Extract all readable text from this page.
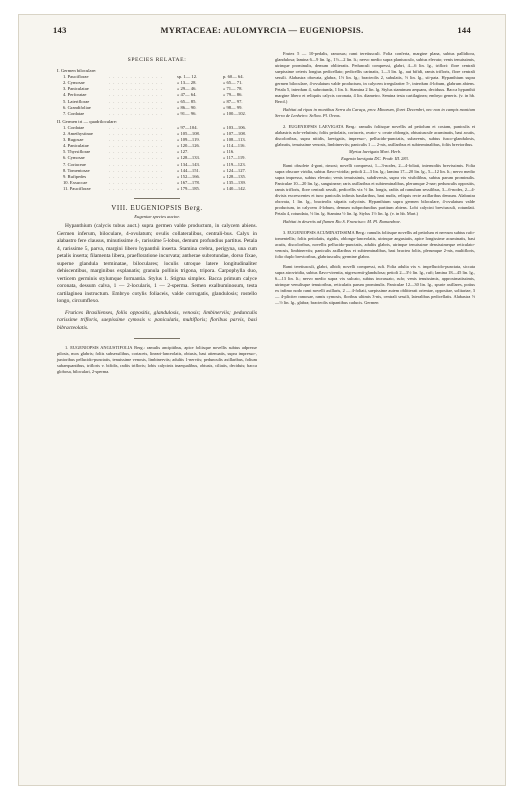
143	MYRTACEAE: AULOMYRCIA — EUGENIOPSIS.	144
SPECIES RELATAE:
I. Germen biloculare:
1. Pauciflorae	. . . . . . . . . . . . .	sp. 1— 12.	p. 60— 64.
2. Cymosae	. . . . . . . . . . . . .	« 13— 28.	« 65— 71.
3. Paniculatae	. . . . . . . . . . . . .	« 29— 46.	« 71— 78.
4. Perforatae	. . . . . . . . . . . . .	« 47— 64.	« 79— 86.
5. Lateriflorae	. . . . . . . . . . . . .	« 65— 85.	« 87— 97.
6. Grandifoliae	. . . . . . . . . . . . .	« 86— 90.	« 98— 99.
7. Cordatae	. . . . . . . . . . . . .	« 91— 96.	« 100—102.
II. Germen tri — quadriloculare:
1. Cordatae	. . . . . . . . . . . . .	« 97—104.	« 103—106.
2. Amethystinae	. . . . . . . . . . . . .	« 105—108.	« 107—108.
3. Rugosae	. . . . . . . . . . . . .	« 109—119.	« 108—113.
4. Paniculatae	. . . . . . . . . . . . .	« 120—126.	« 114—116.
5. Thyrsiflorae	. . . . . . . . . . . . .	« 127.	« 116.
6. Cymosae	. . . . . . . . . . . . .	« 128—133.	« 117—119.
7. Coriaceae	. . . . . . . . . . . . .	« 134—143.	« 119—123.
8. Tomentosae	. . . . . . . . . . . . .	« 144—151.	« 124—127.
9. Rufipedes	. . . . . . . . . . . . .	« 152—166.	« 128—135.
10. Exsuccae	. . . . . . . . . . . . .	« 167—178.	« 135—139.
11. Pauciflorae	. . . . . . . . . . . . .	« 179—185.	« 140—142.
VIII. EUGENIOPSIS Berg.
Eugeniae species auctor.
Hypanthium (calycis tubus auct.) supra germen valde productum, in calycem abiens. Germen inferum, biloculare, 4-ovulatum; ovulis collateralibus, centrali-bus. Calyx in alabastro fere clausus, minutissime 4-, rarissime 5-lobus, demum profundius partitus. Petala 4, rarissime 5, parva, margini libero hypanthii inserta. Stamina crebra, perigyna, una cum petalis inserta; filamenta libera, praefloratione incurvata; antherae subrotundae, dorso fixae, superne glandula terminatae, biloculares; loculis utroque latere longitudinaliter dehiscentibus, marginibus explanatis; granula pollinis trigona, tripora. Carpophylla duo, verticem germinis stylumque formantia. Stylus 1. Stigma simplex. Bacca primum calyce coronata, dessum calva, 1 — 2-locularis, 1 — 2-sperma. Semen exalbuminosum, testa cartilaginea instructum. Embryo cotylis foliaceis, valde corrugatis, glandulosis; rostello longo, circumflexo.
Frutices Brasilienses, foliis oppositis, glandulosis, venosis; limbinerviis; pedunculis rarissime trifloris, saepissime cymosis v. paniculatis, multifloris; floribus parvis, basi bibracteolatis.
1. EUGENIOPSIS ANGUSTIFOLIA Berg.: ramulis ancipitibus, apice foliisque novellis subtus adpresse pilosis, mox glabris; foliis subsessilibus, coriaceis, lineari-lanceolatis, obtusis, basi attenuatis, supra impresso-, junioribus pellucido-punctatis, tenuissime venosis, limbinerviis; adultis 1-nerviis; pedunculis axillaribus, folium subaequantibus, trifloris v. bifidis, radiis trifloris; lobis calycinis inaequalibus, obtusis, ciliatis, deciduis; bacca globosa, biloculari, 2-sperma.
Frutex 5 — 10-pedalis, ramosus; rami teretiusculi. Folia conferta, margine plana, subtus pallidiora, glandulosa; lamina 6—9 lin. lg., 1½—2 lin. lt.; nervo medio supra planiusculo, subtus elevato; venis tenuissimis, utrinque prominulis, demum obliteratis. Pedunculi compressi, glabri, 4—6 lin. lg., triflori: flore centrali saepissime ceteris longius pedicellato; pedicellis carinatis, 1—3 lin. lg., aut bifidi, ramis trifloris, flore centrali sessili. Alabastra obovata, glabra, 1½ lin. lg.; bracteolis 2, subulatis, ½ lin. lg., sti-pata. Hypanthium supra germen biloculare, 4-ovulatum valde productum, in calycem irregulariter 5-, interdum 4-lobum, glabrum abiens. Petala 5, interdum 4, subrotunda, 1 lin. lt. Stamina 2 lin. lg. Stylus staminum aequans, deciduus. Bacca hypanthii margine libero et reliquiis calycis coronata, 4 lin. diametro. Semina testa cartilaginea; embryo generis. (v. in hb. Berol.)
Habitat ad ripas in montibus Serra da Caraça, prov. Minarum, floret Decembri, nec non in campis montium Serra de Lenheiro: Sellow. Pl. Oreas.
2. EUGENIOPSIS LAEVIGATA Berg.: ramulis foliisque novellis ad petiolum et costam, paniculis et alabastris rufo-velutinis; foliis petiolatis, coriaceis, ovato- v. ovate oblongis, obtusiuscule acuminatis, basi acutis, discoloribus, supra nitidis, laevigatis, impresso-, pellucido-punctatis, subavenis, subtus fusco-glandulosis, glabratis, tenuissime venosis, limbinerviis; paniculis 1 — 2-nis, axillaribus et subterminalibus, foliis brevioribus.
Myrtus laevigata Mart. Herb.
Eugenia laevigata DC. Prodr. III. 283.
Rami obsolete 4-goni, rimosi; novelli compressi, 1—3-nodes, 2—4-foliati, internodiis brevissimis. Folia supra obscure viridia, subtus flavo-viridia; petioli 2—3 lin. lg.; lamina 17—20 lin. lg., 5—12 lin. lt.; nervo medio supra impresso, subtus elevato; venis tenuissimis, subdiversis, supra vix visibilibus, subtus parum prominulis. Paniculae 10—20 lin. lg., sanguineae; raris axillaribus et subterminalibus, plerumque 2-nae; pedunculis oppositis, ramis trifloris, flore centrali sessili, pedicellis vix ½ lin. longis, radiis ad ramulum sessilibus, 3—6-nodes, 2—4-divisis excrescentes et tunc paniculis infimis basilaribus, basi nudis, reliquis recte axillaribus densum. Alabastra obovata, 1 lin. lg., bracteolis stipatis calycinis. Hypanthium supra germen biloculare, 4-ovulatum valde productum, in calycem 4-lobum, demum subprofundius partitum abiens. Lobi calycini breviusculi, rotundati. Petala 4, rotundata, ½ lin. lg. Stamina ½ lin. lg. Stylus 1½ lin. lg. (v. in hb. Mart.)
Habitat in desertis ad flumen Rio S. Francisco: M. Pl. Romandrae.
3. EUGENIOPSIS ACUMINATISSIMA Berg.: ramulis foliisque novellis ad petiolum et nervum subtus rufo-tomentellis; foliis petiolatis, rigidis, oblongo-lanceolatis, utrinque angustatis, apice longissime acuminatis, basi acutis, discoloribus, novellis pellucido-punctatis, adultis glabris, utrinque tenuissime densissimeque reticulato-venosis, limbinerviis; paniculis axillaribus et subterminalibus, basi bractea foliis, plerumque 2-nis, multifloris, folio duplo brevioribus, glabriusculis; germine glabro.
Rami teretiusculi, glabri, albidi; novelli compressi, rufi. Folia adulta vix v. impellucido-punctata, siccata supra atroviridia, subtus flavo-virentia, nigrescenti-glandulosa; petioli 2—3½ lin. lg., rufi; lamina 18—45 lin. lg., 6—13 lin. lt.; nervo medio supra vix sulcato, subtus incrassato, rufo; venis tenuissimis, approximatissimis, utrinque venulisque tenuioribus, reticulatis parum prominulis. Paniculae 12—30 lin. lg., spurie axillares, potius ex infimo nodo rami novelli axillaris, 2 — 4-foliati, saepissime autem oblitterati orientae, oppositae, solitariae, 3 — 4-pliciter ramosae, ramis cymosis, floribus ultimis 3-nis, centrali sessili, lateralibus pedicellatis. Alabastra ½—½ lin. lg., glabra; bracteolis stipantibus caducis. Germen
